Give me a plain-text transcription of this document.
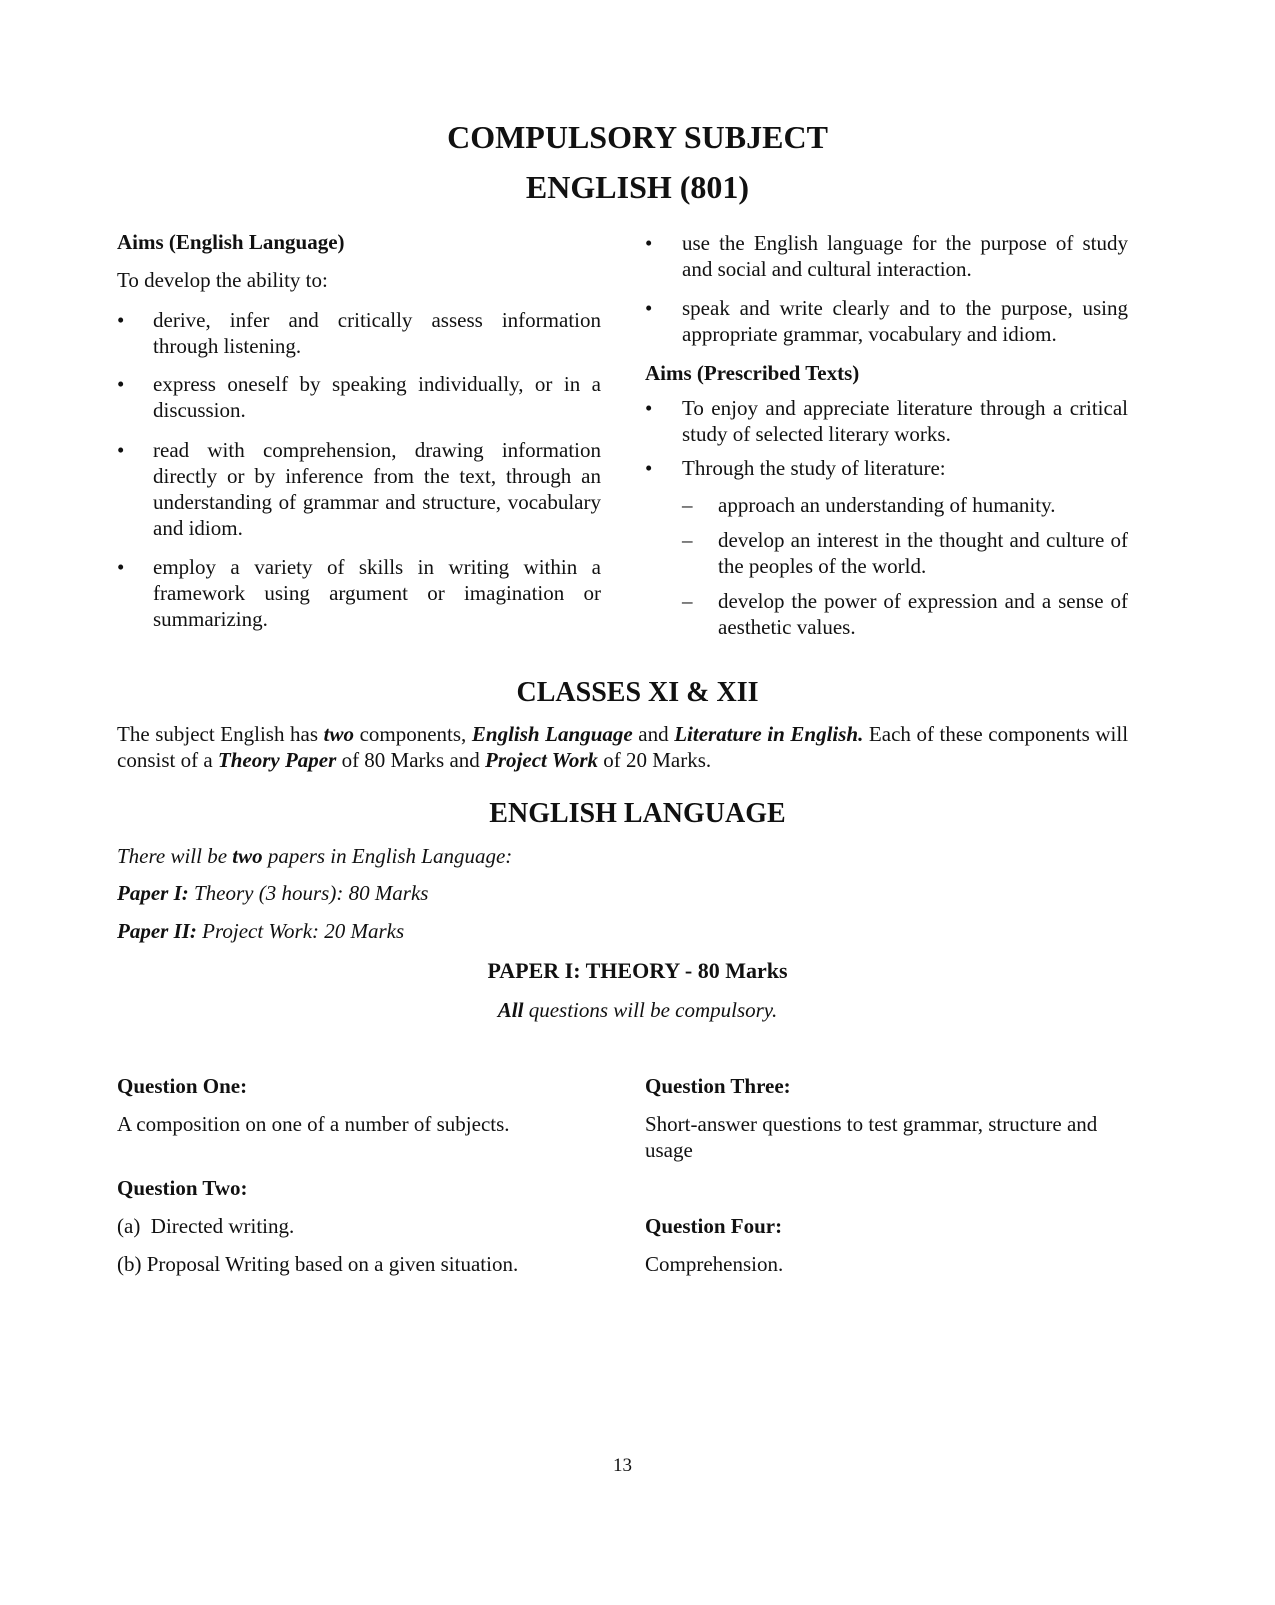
COMPULSORY SUBJECT
ENGLISH (801)
Aims (English Language)
To develop the ability to:
• derive, infer and critically assess information through listening.
• express oneself by speaking individually, or in a discussion.
• read with comprehension, drawing information directly or by inference from the text, through an understanding of grammar and structure, vocabulary and idiom.
• employ a variety of skills in writing within a framework using argument or imagination or summarizing.
• use the English language for the purpose of study and social and cultural interaction.
• speak and write clearly and to the purpose, using appropriate grammar, vocabulary and idiom.
Aims (Prescribed Texts)
• To enjoy and appreciate literature through a critical study of selected literary works.
• Through the study of literature:
– approach an understanding of humanity.
– develop an interest in the thought and culture of the peoples of the world.
– develop the power of expression and a sense of aesthetic values.
CLASSES XI & XII
The subject English has two components, English Language and Literature in English. Each of these components will consist of a Theory Paper of 80 Marks and Project Work of 20 Marks.
ENGLISH LANGUAGE
There will be two papers in English Language:
Paper I: Theory (3 hours): 80 Marks
Paper II: Project Work: 20 Marks
PAPER I: THEORY - 80 Marks
All questions will be compulsory.
Question One:
A composition on one of a number of subjects.
Question Two:
(a)  Directed writing.
(b) Proposal Writing based on a given situation.
Question Three:
Short-answer questions to test grammar, structure and usage
Question Four:
Comprehension.
13
